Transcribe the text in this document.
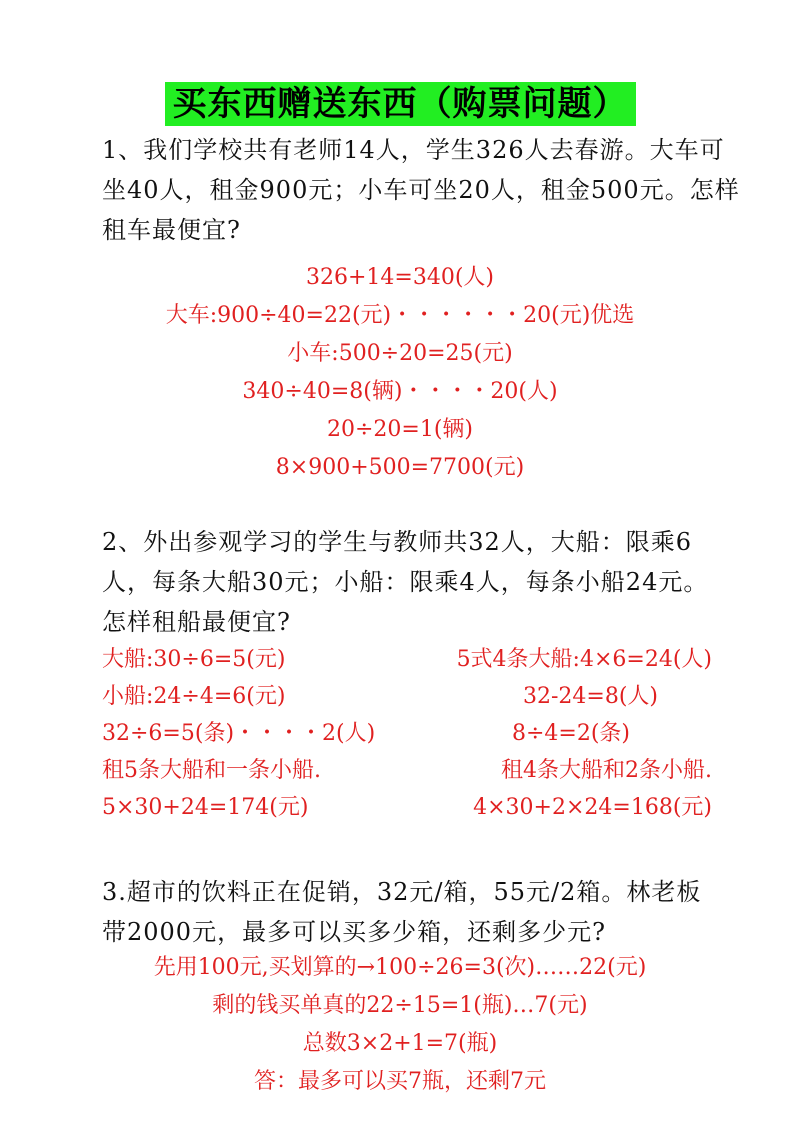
买东西赠送东西（购票问题）
1、我们学校共有老师14人，学生326人去春游。大车可
坐40人，租金900元；小车可坐20人，租金500元。怎样
租车最便宜?
326+14=340(人)
大车:900÷40=22(元)・・・・・・20(元)优选
小车:500÷20=25(元)
340÷40=8(辆)・・・・20(人)
20÷20=1(辆)
8×900+500=7700(元)
2、外出参观学习的学生与教师共32人，大船：限乘6
人，每条大船30元；小船：限乘4人，每条小船24元。
怎样租船最便宜?
大船:30÷6=5(元)	5式4条大船:4×6=24(人)
小船:24÷4=6(元)	32-24=8(人)
32÷6=5(条)・・・・2(人)	8÷4=2(条)
租5条大船和一条小船.	租4条大船和2条小船.
5×30+24=174(元)	4×30+2×24=168(元)
3.超市的饮料正在促销，32元/箱，55元/2箱。林老板
带2000元，最多可以买多少箱，还剩多少元?
先用100元,买划算的→100÷26=3(次)……22(元)
剩的钱买单真的22÷15=1(瓶)…7(元)
总数3×2+1=7(瓶)
答：最多可以买7瓶，还剩7元
